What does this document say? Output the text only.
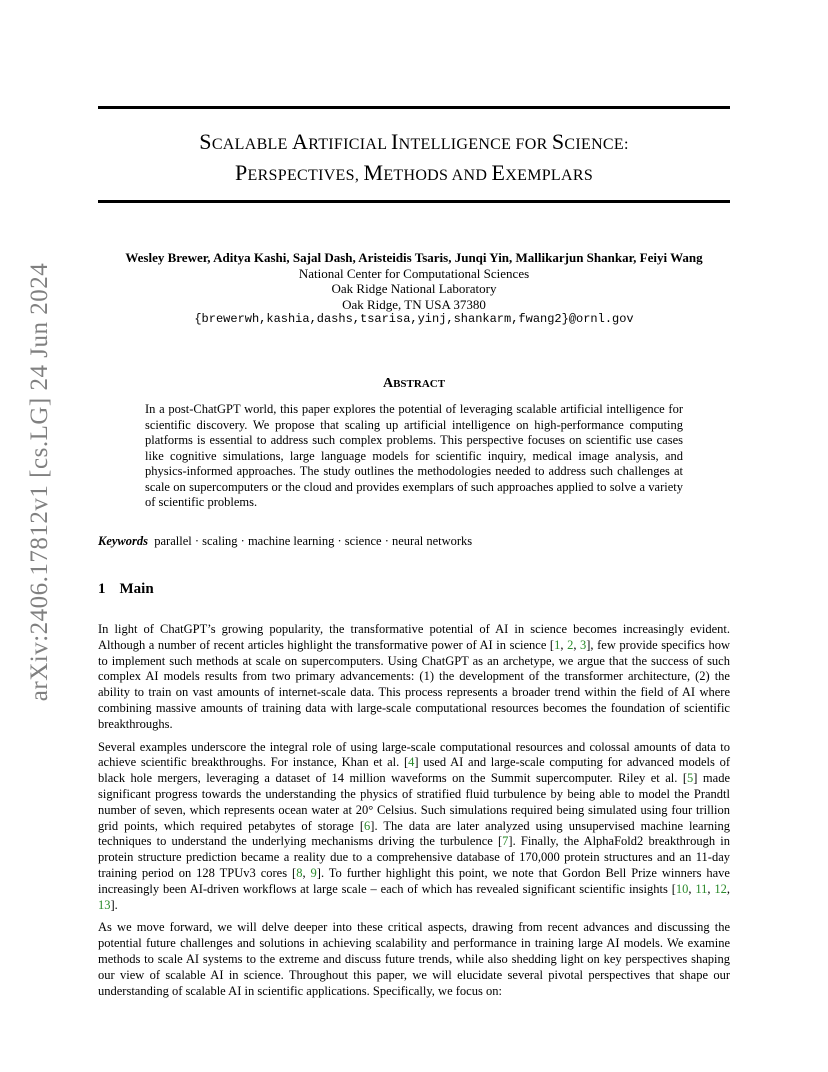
arXiv:2406.17812v1 [cs.LG] 24 Jun 2024
SCALABLE ARTIFICIAL INTELLIGENCE FOR SCIENCE:
PERSPECTIVES, METHODS AND EXEMPLARS
Wesley Brewer, Aditya Kashi, Sajal Dash, Aristeidis Tsaris, Junqi Yin, Mallikarjun Shankar, Feiyi Wang
National Center for Computational Sciences
Oak Ridge National Laboratory
Oak Ridge, TN USA 37380
{brewerwh,kashia,dashs,tsarisa,yinj,shankarm,fwang2}@ornl.gov
ABSTRACT

In a post-ChatGPT world, this paper explores the potential of leveraging scalable artificial intelligence for scientific discovery. We propose that scaling up artificial intelligence on high-performance computing platforms is essential to address such complex problems. This perspective focuses on scientific use cases like cognitive simulations, large language models for scientific inquiry, medical image analysis, and physics-informed approaches. The study outlines the methodologies needed to address such challenges at scale on supercomputers or the cloud and provides exemplars of such approaches applied to solve a variety of scientific problems.

Keywords parallel · scaling · machine learning · science · neural networks
1 Main

In light of ChatGPT’s growing popularity, the transformative potential of AI in science becomes increasingly evident. Although a number of recent articles highlight the transformative power of AI in science [1, 2, 3], few provide specifics how to implement such methods at scale on supercomputers. Using ChatGPT as an archetype, we argue that the success of such complex AI models results from two primary advancements: (1) the development of the transformer architecture, (2) the ability to train on vast amounts of internet-scale data. This process represents a broader trend within the field of AI where combining massive amounts of training data with large-scale computational resources becomes the foundation of scientific breakthroughs.

Several examples underscore the integral role of using large-scale computational resources and colossal amounts of data to achieve scientific breakthroughs. For instance, Khan et al. [4] used AI and large-scale computing for advanced models of black hole mergers, leveraging a dataset of 14 million waveforms on the Summit supercomputer. Riley et al. [5] made significant progress towards the understanding the physics of stratified fluid turbulence by being able to model the Prandtl number of seven, which represents ocean water at 20° Celsius. Such simulations required being simulated using four trillion grid points, which required petabytes of storage [6]. The data are later analyzed using unsupervised machine learning techniques to understand the underlying mechanisms driving the turbulence [7]. Finally, the AlphaFold2 breakthrough in protein structure prediction became a reality due to a comprehensive database of 170,000 protein structures and an 11-day training period on 128 TPUv3 cores [8, 9]. To further highlight this point, we note that Gordon Bell Prize winners have increasingly been AI-driven workflows at large scale – each of which has revealed significant scientific insights [10, 11, 12, 13].

As we move forward, we will delve deeper into these critical aspects, drawing from recent advances and discussing the potential future challenges and solutions in achieving scalability and performance in training large AI models. We examine methods to scale AI systems to the extreme and discuss future trends, while also shedding light on key perspectives shaping our view of scalable AI in science. Throughout this paper, we will elucidate several pivotal perspectives that shape our understanding of scalable AI in scientific applications. Specifically, we focus on:
